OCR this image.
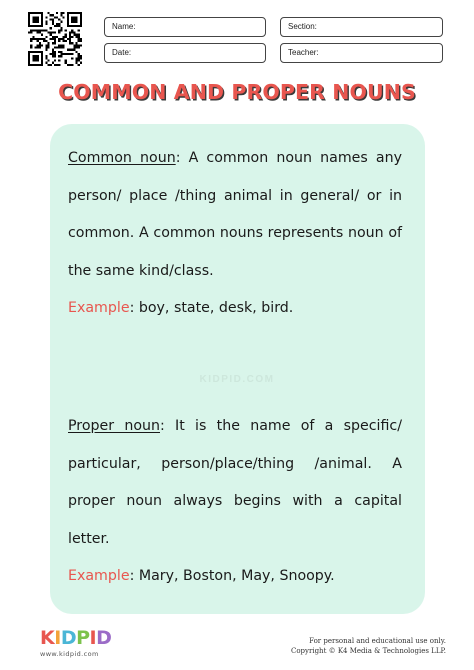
Name:	Section:
Date:	Teacher:
COMMON AND PROPER NOUNS
Common noun: A common noun names any person/ place /thing animal in general/ or in common. A common nouns represents noun of the same kind/class.
Example: boy, state, desk, bird.
KIDPID.COM
Proper noun: It is the name of a specific/ particular, person/place/thing /animal. A proper noun always begins with a capital letter.
Example: Mary, Boston, May, Snoopy.
KIDPID
www.kidpid.com
For personal and educational use only.
Copyright © K4 Media & Technologies LLP.
